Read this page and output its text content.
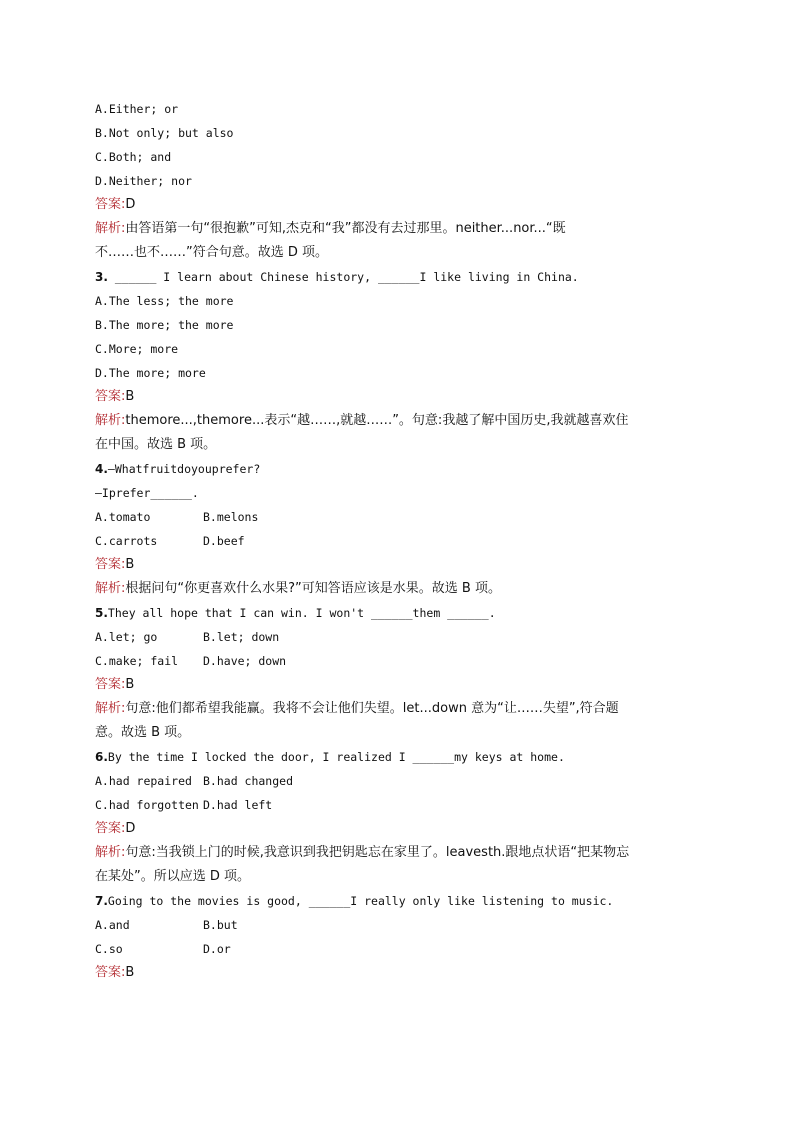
A.Either; or
B.Not only; but also
C.Both; and
D.Neither; nor
答案:D
解析:由答语第一句“很抱歉”可知,杰克和“我”都没有去过那里。neither...nor...“既
不……也不……”符合句意。故选 D 项。
3. ______ I learn about Chinese history, ______I like living in China.
A.The less; the more
B.The more; the more
C.More; more
D.The more; more
答案:B
解析:themore...,themore...表示“越……,就越……”。句意:我越了解中国历史,我就越喜欢住
在中国。故选 B 项。
4.—Whatfruitdoyouprefer?
—Iprefer______.
A.tomato	B.melons
C.carrots	D.beef
答案:B
解析:根据问句“你更喜欢什么水果?”可知答语应该是水果。故选 B 项。
5.They all hope that I can win. I won't ______them ______.
A.let; go	B.let; down
C.make; fail D.have; down
答案:B
解析:句意:他们都希望我能赢。我将不会让他们失望。let...down 意为“让……失望”,符合题
意。故选 B 项。
6.By the time I locked the door, I realized I ______my keys at home.
A.had repaired B.had changed
C.had forgotten D.had left
答案:D
解析:句意:当我锁上门的时候,我意识到我把钥匙忘在家里了。leavesth.跟地点状语“把某物忘
在某处”。所以应选 D 项。
7.Going to the movies is good, ______I really only like listening to music.
A.and	B.but
C.so	D.or
答案:B
